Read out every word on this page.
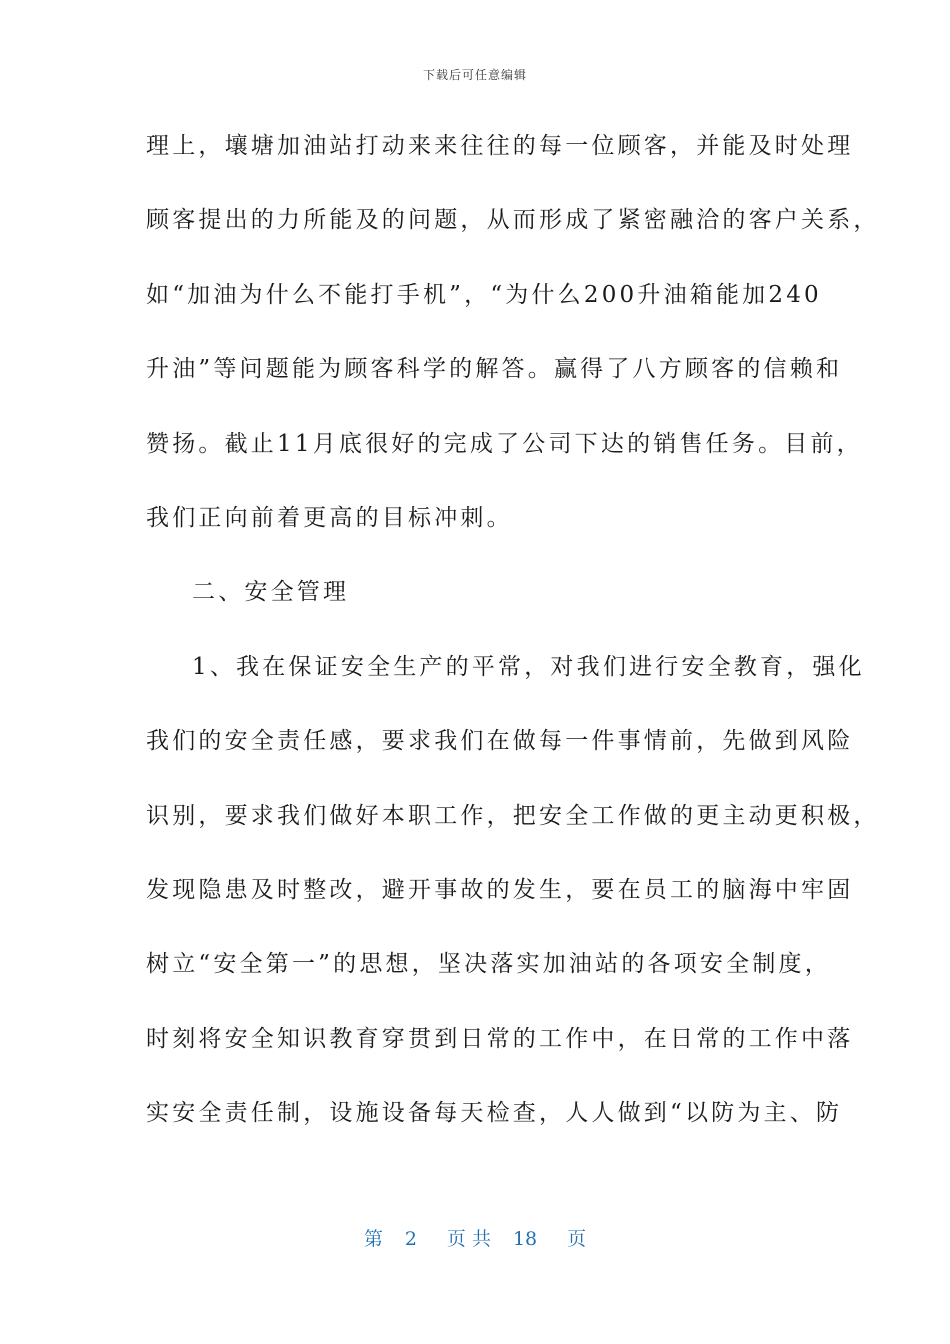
下载后可任意编辑
理上，壤塘加油站打动来来往往的每一位顾客，并能及时处理
顾客提出的力所能及的问题，从而形成了紧密融洽的客户关系，
如“加油为什么不能打手机”，“为什么200升油箱能加240
升油”等问题能为顾客科学的解答。赢得了八方顾客的信赖和
赞扬。截止11月底很好的完成了公司下达的销售任务。目前，
我们正向前着更高的目标冲刺。
二、安全管理
1、我在保证安全生产的平常，对我们进行安全教育，强化
我们的安全责任感，要求我们在做每一件事情前，先做到风险
识别，要求我们做好本职工作，把安全工作做的更主动更积极，
发现隐患及时整改，避开事故的发生，要在员工的脑海中牢固
树立“安全第一”的思想，坚决落实加油站的各项安全制度，
时刻将安全知识教育穿贯到日常的工作中，在日常的工作中落
实安全责任制，设施设备每天检查，人人做到“以防为主、防
第 2 页 共 18 页
